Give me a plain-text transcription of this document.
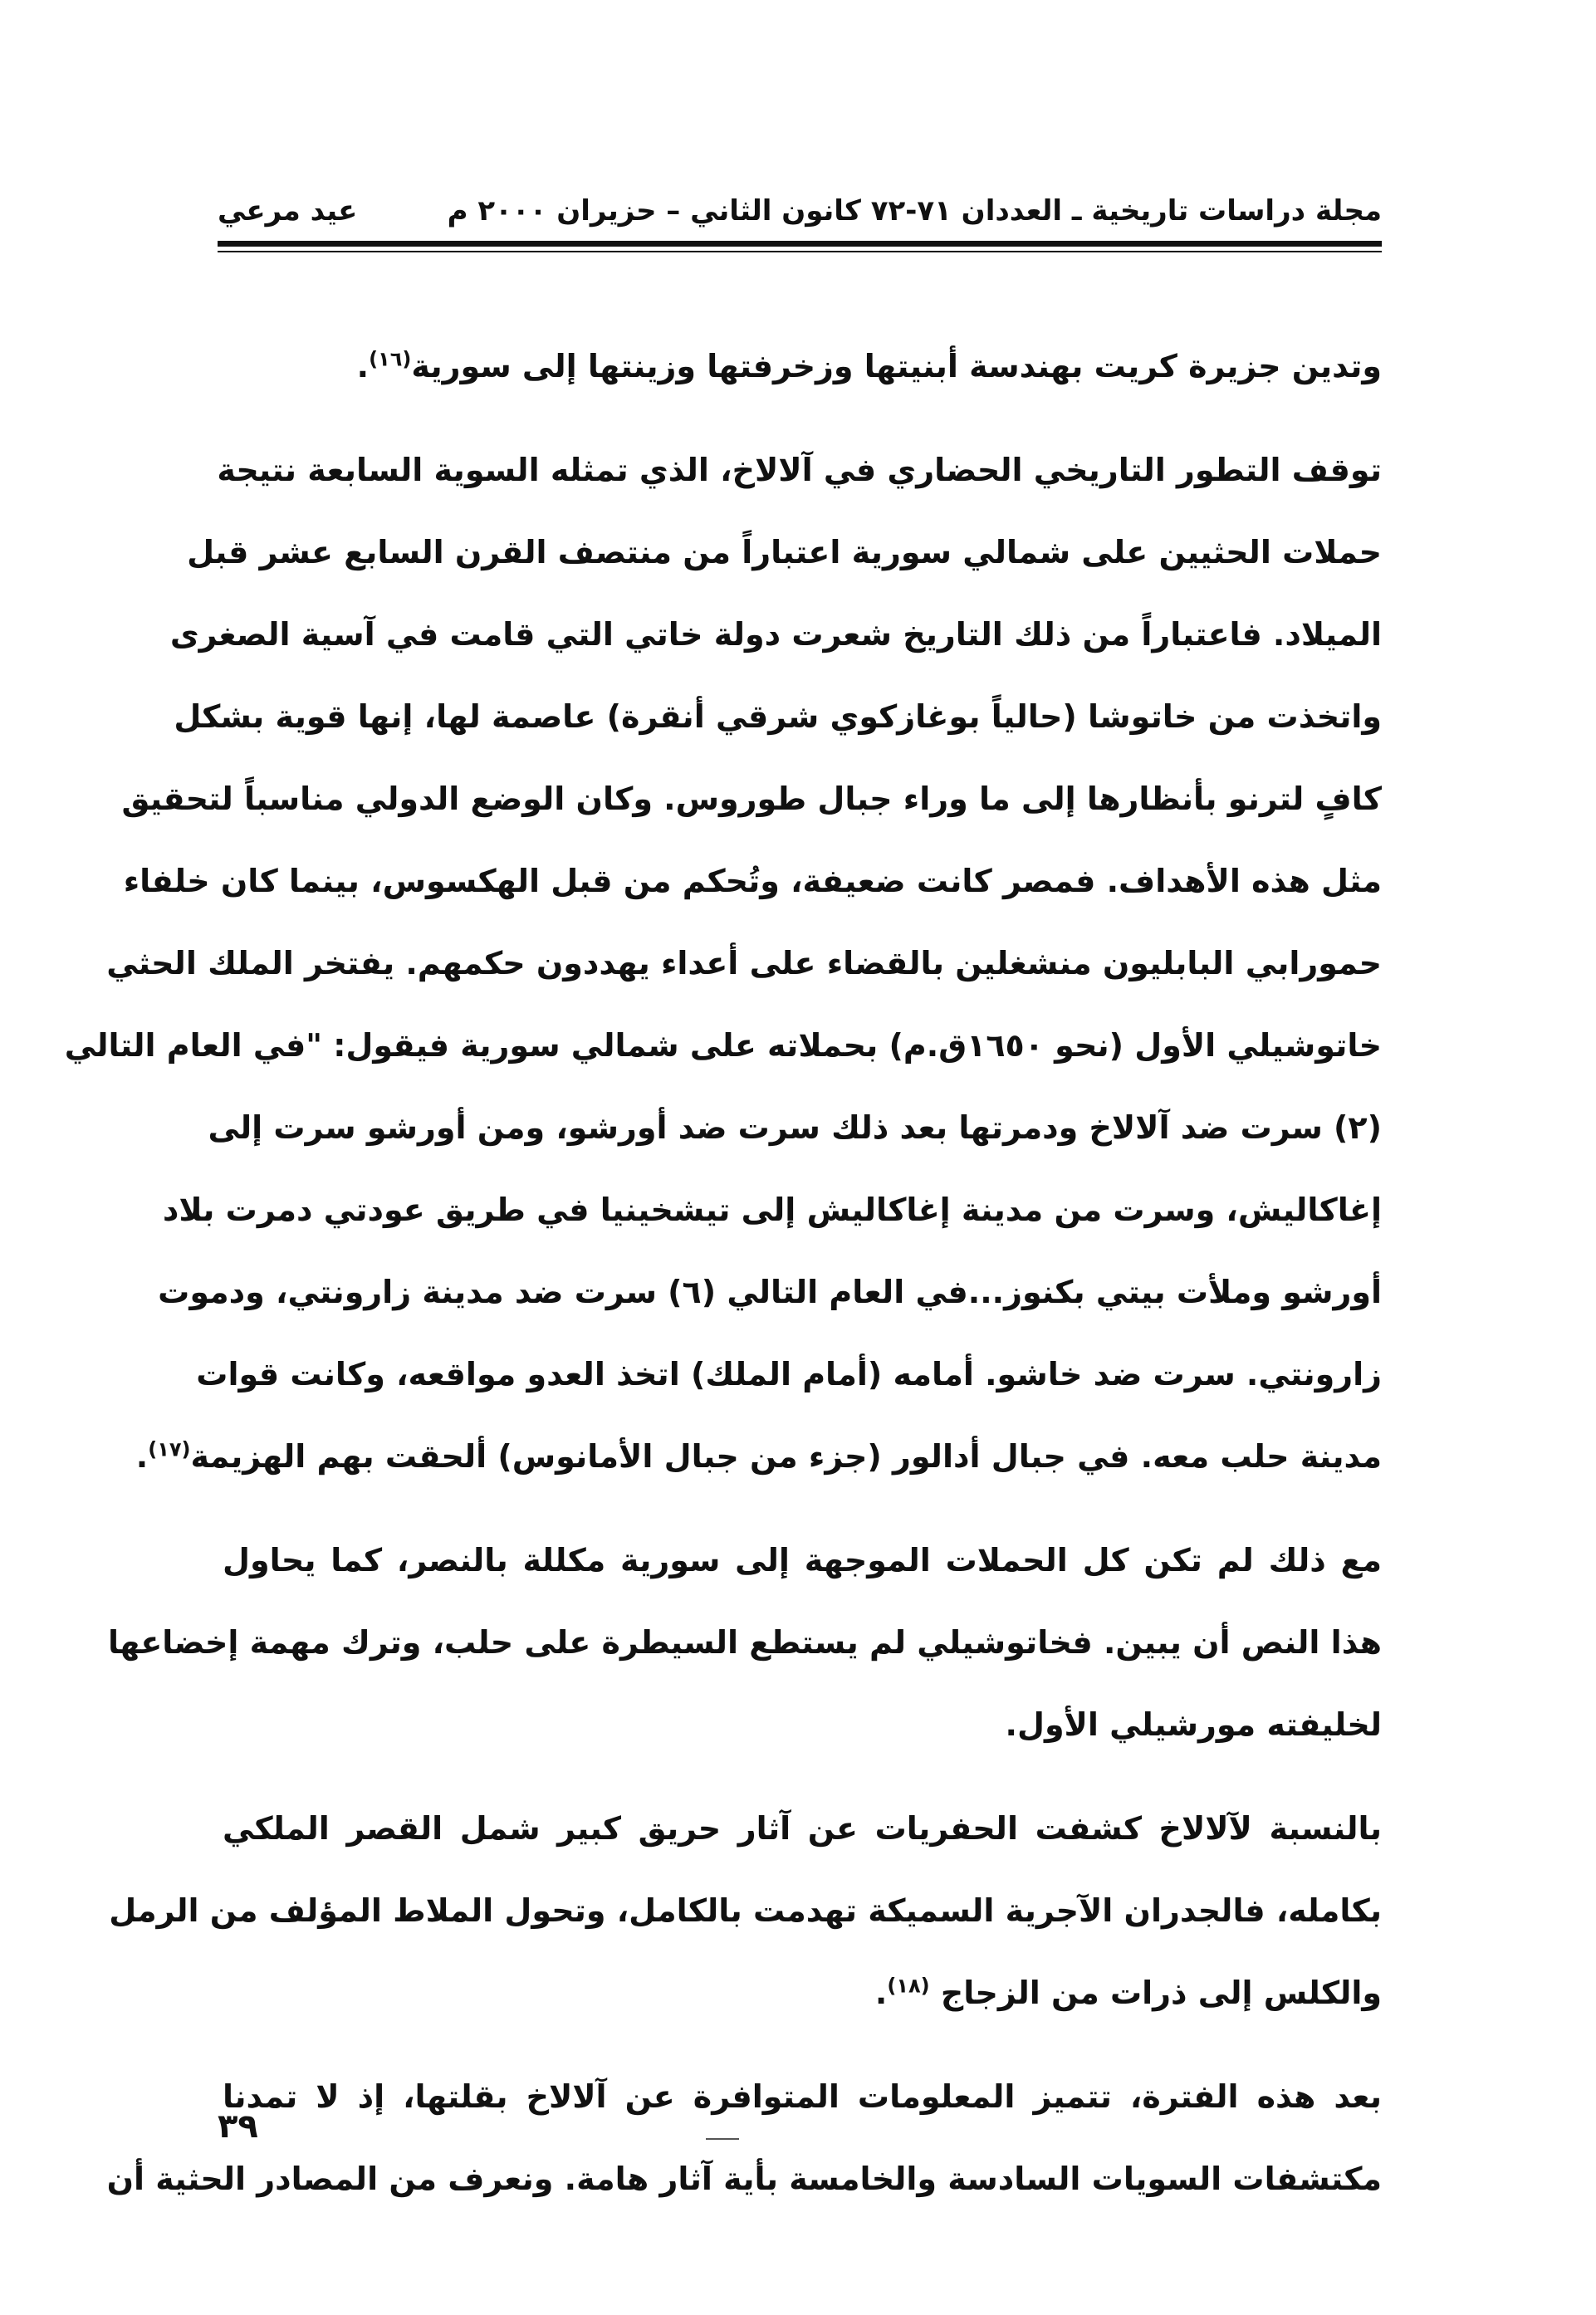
مجلة دراسات تاريخية ـ العددان ٧١-٧٢ كانون الثاني – حزيران ٢٠٠٠ م
عيد مرعي

وتدين جزيرة كريت بهندسة أبنيتها وزخرفتها وزينتها إلى سورية$^{(١٦)}$.

توقف التطور التاريخي الحضاري في آلالاخ، الذي تمثله السوية السابعة نتيجة
حملات الحثيين على شمالي سورية اعتباراً من منتصف القرن السابع عشر قبل
الميلاد. فاعتباراً من ذلك التاريخ شعرت دولة خاتي التي قامت في آسية الصغرى
واتخذت من خاتوشا (حالياً بوغازكوي شرقي أنقرة) عاصمة لها، إنها قوية بشكل
كافٍ لترنو بأنظارها إلى ما وراء جبال طوروس. وكان الوضع الدولي مناسباً لتحقيق
مثل هذه الأهداف. فمصر كانت ضعيفة، وتُحكم من قبل الهكسوس، بينما كان خلفاء
حمورابي البابليون منشغلين بالقضاء على أعداء يهددون حكمهم. يفتخر الملك الحثي
خاتوشيلي الأول (نحو ١٦٥٠ق.م) بحملاته على شمالي سورية فيقول: "في العام التالي
(٢) سرت ضد آلالاخ ودمرتها بعد ذلك سرت ضد أورشو، ومن أورشو سرت إلى
إغاكاليش، وسرت من مدينة إغاكاليش إلى تيشخينيا في طريق عودتي دمرت بلاد
أورشو وملأت بيتي بكنوز...في العام التالي (٦) سرت ضد مدينة زارونتي، ودموت
زارونتي. سرت ضد خاشو. أمامه (أمام الملك) اتخذ العدو مواقعه، وكانت قوات
مدينة حلب معه. في جبال أدالور (جزء من جبال الأمانوس) ألحقت بهم الهزيمة$^{(١٧)}$.

مع ذلك لم تكن كل الحملات الموجهة إلى سورية مكللة بالنصر، كما يحاول
هذا النص أن يبين. فخاتوشيلي لم يستطع السيطرة على حلب، وترك مهمة إخضاعها
لخليفته مورشيلي الأول.

بالنسبة لآلالاخ كشفت الحفريات عن آثار حريق كبير شمل القصر الملكي
بكامله، فالجدران الآجرية السميكة تهدمت بالكامل، وتحول الملاط المؤلف من الرمل
والكلس إلى ذرات من الزجاج $^{(١٨)}$.

بعد هذه الفترة، تتميز المعلومات المتوافرة عن آلالاخ بقلتها، إذ لا تمدنا
مكتشفات السويات السادسة والخامسة بأية آثار هامة. ونعرف من المصادر الحثية أن

٣٩
